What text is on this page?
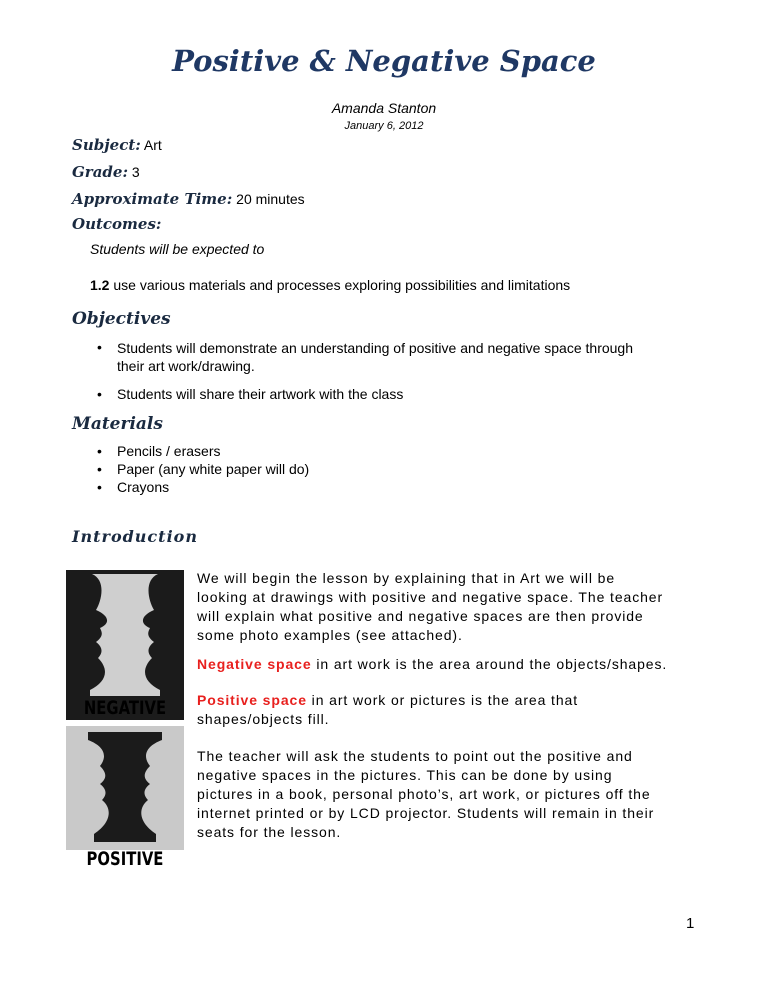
Positive & Negative Space
Amanda Stanton
January 6, 2012
Subject: Art
Grade: 3
Approximate Time: 20 minutes
Outcomes:
Students will be expected to
1.2 use various materials and processes exploring possibilities and limitations
Objectives
• Students will demonstrate an understanding of positive and negative space through
their art work/drawing.
• Students will share their artwork with the class
Materials
• Pencils / erasers
• Paper (any white paper will do)
• Crayons
Introduction
NEGATIVE
POSITIVE
We will begin the lesson by explaining that in Art we will be
looking at drawings with positive and negative space. The teacher
will explain what positive and negative spaces are then provide
some photo examples (see attached).
Negative space in art work is the area around the objects/shapes.
Positive space in art work or pictures is the area that
shapes/objects fill.
The teacher will ask the students to point out the positive and
negative spaces in the pictures. This can be done by using
pictures in a book, personal photo’s, art work, or pictures off the
internet printed or by LCD projector. Students will remain in their
seats for the lesson.
1
